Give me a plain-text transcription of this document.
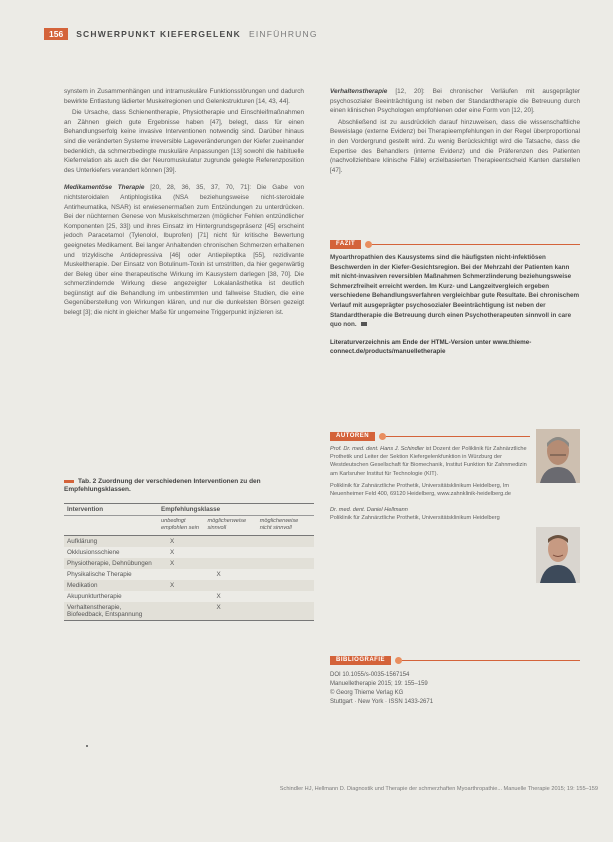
156	SCHWERPUNKT KIEFERGELENK EINFÜHRUNG

synstem in Zusammenhängen und intramuskuläre Funktionsstörungen und dadurch bewirkte Entlastung lädierter Muskelregionen und Gelenkstrukturen [14, 43, 44].

Die Ursache, dass Schienentherapie, Physiotherapie und Einschleifmaßnahmen an Zähnen gleich gute Ergebnisse haben [47], belegt, dass für einen Behandlungserfolg keine invasive Interventionen notwendig sind. Darüber hinaus sind die veränderten Systeme irreversible Lageveränderungen der Kiefer zueinander bedenklich, da schmerzbedingte muskuläre Anpassungen [13] sowohl die habituelle Kieferrelation als auch die der Neuromuskulatur zugrunde gelegte Referenzposition des Unterkiefers verandert können [39].

Medikamentöse Therapie [20, 28, 36, 35, 37, 70, 71]: Die Gabe von nichtsteroidalen Antiphlogistika (NSA beziehungsweise nicht-steroidale Antirheumatika, NSAR) ist erwiesenermaßen zum Entzündungen zu unterdrücken. Bei der nüchternen Genese von Muskelschmerzen (möglicher Fehlen entzündlicher Komponenten [25, 33]) und ihres Einsatz im Hintergrundsgepräsenz [45] erscheint jedoch Paracetamol (Tylenolol, Ibuprofen) [71] nicht für kritische Bewertung geeignetes Medikament. Bei langer Anhaltenden chronischen Schmerzen erhaltenen und trizyklische Antidepressiva [46] oder Antiepileptika [55], rezidivante Muskeltherapie. Der Einsatz von Botulinum-Toxin ist umstritten, da hier gegenwärtig der Beleg über eine therapeutische Wirkung im Kausystem darlegen [38, 70]. Die schmerzlindernde Wirkung diese angezeigter Lokalanästhetika ist deutlich begünstigt auf die Behandlung im unbestimmten und fallweise Studien, die eine Gegenüberstellung von Wirkungen klären, und nur die dunkelsten Börsen gezeigt belegt [3]; die nicht in gleicher Maße für ungemeine Triggerpunkt injizieren ist.

Verhaltenstherapie [12, 20]: Bei chronischer Verläufen mit ausgeprägter psychosozialer Beeinträchtigung ist neben der Standardtherapie die Betreuung durch einen klinischen Psychologen empfohlenen oder eine Form von [12, 20].

Abschließend ist zu ausdrücklich darauf hinzuweisen, dass die wissenschaftliche Beweislage (externe Evidenz) bei Therapieempfehlungen in der Regel überproportional in den Vordergrund gestellt wird. Zu wenig Berücksichtigt wird die Tatsache, dass die Expertise des Behandlers (interne Evidenz) und die Präferenzen des Patienten (nachvollziehbare klinische Fälle) erzielbasierten Therapieentscheid Kanten darstellen [47].

FAZIT
Myoarthropathien des Kausystems sind die häufigsten nicht-infektiösen Beschwerden in der Kiefer-Gesichtsregion. Bei der Mehrzahl der Patienten kann mit nicht-invasiven reversiblen Maßnahmen Schmerzlinderung beziehungsweise Schmerzfreiheit erreicht werden. Im Kurz- und Langzeitvergleich ergeben verschiedene Behandlungsverfahren vergleichbar gute Resultate. Bei chronischem Verlauf mit ausgeprägter psychosozialer Beeinträchtigung ist neben der Standardtherapie die Betreuung durch einen Psychotherapeuten sinnvoll in care quo non.
Literaturverzeichnis am Ende der HTML-Version unter www.thieme-connect.de/products/manuelletherapie
AUTOREN
Prof. Dr. med. dent. Hans J. Schindler ist Dozent der Poliklinik für Zahnärztliche Prothetik und Leiter der Sektion Kiefergelenkfunktion in Würzburg der Westdeutschen Gesellschaft für Biomechanik, Institut Funktion für Zahnmedizin am Karlsruher Institut für Technologie (KIT).
Poliklinik für Zahnärztliche Prothetik, Universitätsklinikum Heidelberg, Im Neuenheimer Feld 400, 69120 Heidelberg, www.zahnklinik-heidelberg.de
Dr. med. dent. Daniel Hellmann
Poliklinik für Zahnärztliche Prothetik, Universitätsklinikum Heidelberg
BIBLIOGRAFIE
DOI 10.1055/s-0035-1567154
Manuelletherapie 2015; 19: 155–159
© Georg Thieme Verlag KG
Stuttgart · New York · ISSN 1433-2671
Tab. 2 Zuordnung der verschiedenen Interventionen zu den Empfehlungsklassen.
Intervention	Empfehlungsklasse		
	unbedingt empfohlen sein	möglicherweise sinnvoll	möglicherweise nicht sinnvoll
Aufklärung	X		
Okklusionsschiene	X		
Physiotherapie, Dehnübungen	X		
Physikalische Therapie		X	
Medikation	X		
Akupunkturtherapie		X	
Verhaltenstherapie, Biofeedback, Entspannung		X	
Schindler HJ, Hellmann D. Diagnostik und Therapie der schmerzhaften Myoarthropathie... Manuelle Therapie 2015; 19: 155–159
